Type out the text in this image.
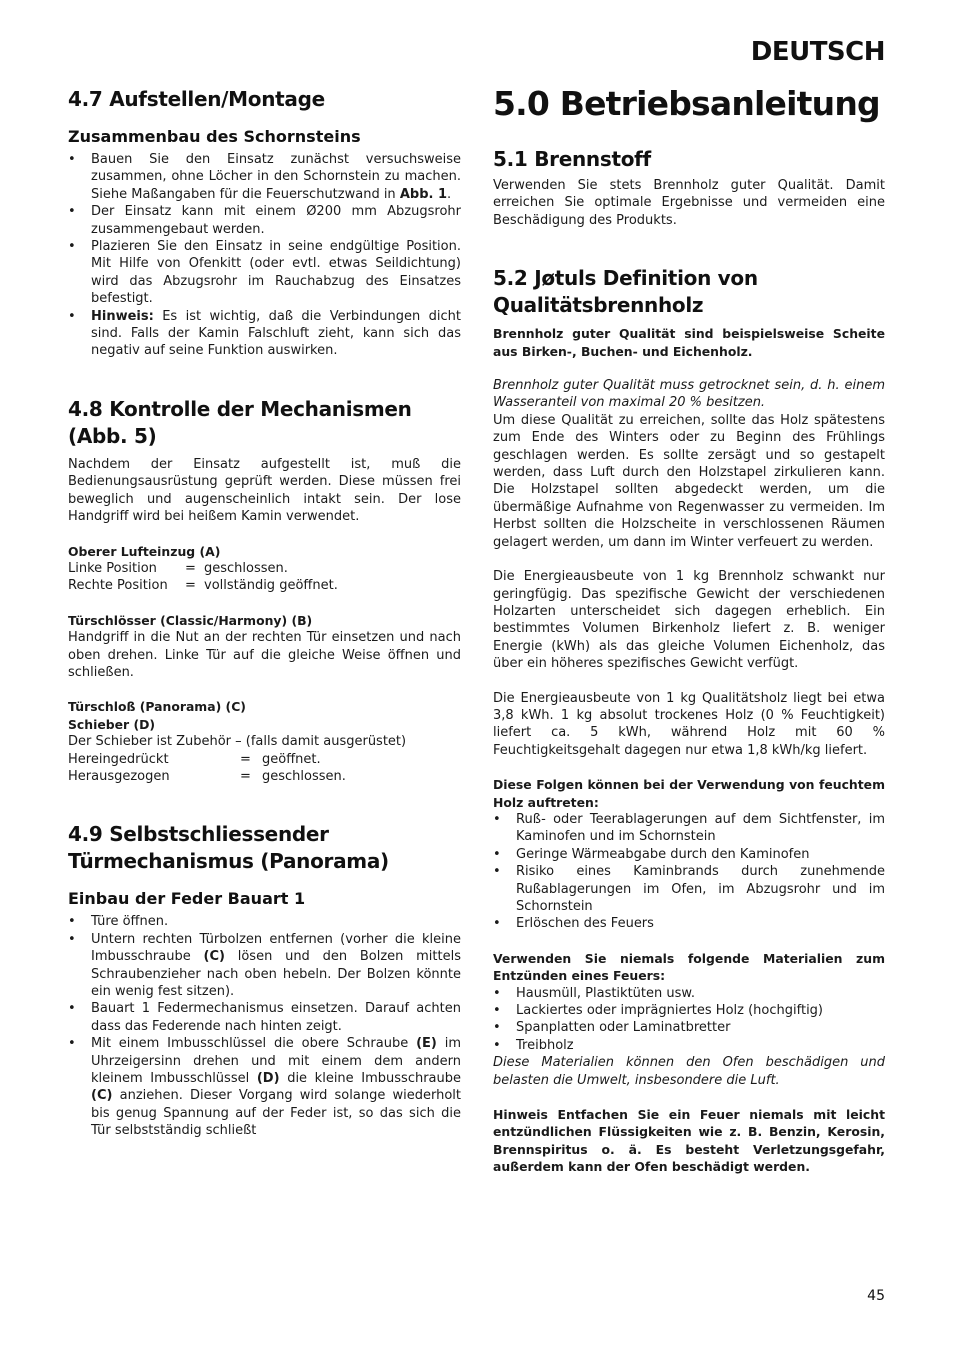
DEUTSCH
4.7 Aufstellen/Montage
Zusammenbau des Schornsteins
• Bauen Sie den Einsatz zunächst versuchsweise zusammen, ohne Löcher in den Schornstein zu machen. Siehe Maßangaben für die Feuerschutzwand in Abb. 1.
• Der Einsatz kann mit einem Ø200 mm Abzugsrohr zusammengebaut werden.
• Plazieren Sie den Einsatz in seine endgültige Position. Mit Hilfe von Ofenkitt (oder evtl. etwas Seildichtung) wird das Abzugsrohr im Rauchabzug des Einsatzes befestigt.
• Hinweis: Es ist wichtig, daß die Verbindungen dicht sind. Falls der Kamin Falschluft zieht, kann sich das negativ auf seine Funktion auswirken.
4.8 Kontrolle der Mechanismen (Abb. 5)

Nachdem der Einsatz aufgestellt ist, muß die Bedienungsausrüstung geprüft werden. Diese müssen frei beweglich und augenscheinlich intakt sein. Der lose Handgriff wird bei heißem Kamin verwendet.

Oberer Lufteinzug (A)
Linke Position	= geschlossen.
Rechte Position	= vollständig geöffnet.
Türschlösser (Classic/Harmony) (B)

Handgriff in die Nut an der rechten Tür einsetzen und nach oben drehen. Linke Tür auf die gleiche Weise öffnen und schließen.

Türschloß (Panorama) (C)
Schieber (D)
Der Schieber ist Zubehör – (falls damit ausgerüstet)
Hereingedrückt	= geöffnet.
Herausgezogen	= geschlossen.
4.9 Selbstschliessender
Türmechanismus (Panorama)
Einbau der Feder Bauart 1
• Türe öffnen.
• Untern rechten Türbolzen entfernen (vorher die kleine Imbusschraube (C) lösen und den Bolzen mittels Schraubenzieher nach oben hebeln. Der Bolzen könnte ein wenig fest sitzen).
• Bauart 1 Federmechanismus einsetzen. Darauf achten dass das Federende nach hinten zeigt.
• Mit einem Imbusschlüssel die obere Schraube (E) im Uhrzeigersinn drehen und mit einem dem andern kleinem Imbusschlüssel (D) die kleine Imbusschraube (C) anziehen. Dieser Vorgang wird solange wiederholt bis genug Spannung auf der Feder ist, so das sich die Tür selbstständig schließt
5.0 Betriebsanleitung
5.1 Brennstoff

Verwenden Sie stets Brennholz guter Qualität. Damit erreichen Sie optimale Ergebnisse und vermeiden eine Beschädigung des Produkts.

5.2 Jøtuls Definition von
Qualitätsbrennholz

Brennholz guter Qualität sind beispielsweise Scheite aus Birken-, Buchen- und Eichenholz.

Brennholz guter Qualität muss getrocknet sein, d. h. einem Wasseranteil von maximal 20 % besitzen.

Um diese Qualität zu erreichen, sollte das Holz spätestens zum Ende des Winters oder zu Beginn des Frühlings geschlagen werden. Es sollte zersägt und so gestapelt werden, dass Luft durch den Holzstapel zirkulieren kann. Die Holzstapel sollten abgedeckt werden, um die übermäßige Aufnahme von Regenwasser zu vermeiden. Im Herbst sollten die Holzscheite in verschlossenen Räumen gelagert werden, um dann im Winter verfeuert zu werden.

Die Energieausbeute von 1 kg Brennholz schwankt nur geringfügig. Das spezifische Gewicht der verschiedenen Holzarten unterscheidet sich dagegen erheblich. Ein bestimmtes Volumen Birkenholz liefert z. B. weniger Energie (kWh) als das gleiche Volumen Eichenholz, das über ein höheres spezifisches Gewicht verfügt.

Die Energieausbeute von 1 kg Qualitätsholz liegt bei etwa 3,8 kWh. 1 kg absolut trockenes Holz (0 % Feuchtigkeit) liefert ca. 5 kWh, während Holz mit 60 % Feuchtigkeitsgehalt dagegen nur etwa 1,8 kWh/kg liefert.

Diese Folgen können bei der Verwendung von feuchtem Holz auftreten:

• Ruß- oder Teerablagerungen auf dem Sichtfenster, im Kaminofen und im Schornstein
• Geringe Wärmeabgabe durch den Kaminofen
• Risiko eines Kaminbrands durch zunehmende Rußablagerungen im Ofen, im Abzugsrohr und im Schornstein
• Erlöschen des Feuers

Verwenden Sie niemals folgende Materialien zum Entzünden eines Feuers:

• Hausmüll, Plastiktüten usw.
• Lackiertes oder imprägniertes Holz (hochgiftig)
• Spanplatten oder Laminatbretter
• Treibholz

Diese Materialien können den Ofen beschädigen und belasten die Umwelt, insbesondere die Luft.

Hinweis Entfachen Sie ein Feuer niemals mit leicht entzündlichen Flüssigkeiten wie z. B. Benzin, Kerosin, Brennspiritus o. ä. Es besteht Verletzungsgefahr, außerdem kann der Ofen beschädigt werden.

45
